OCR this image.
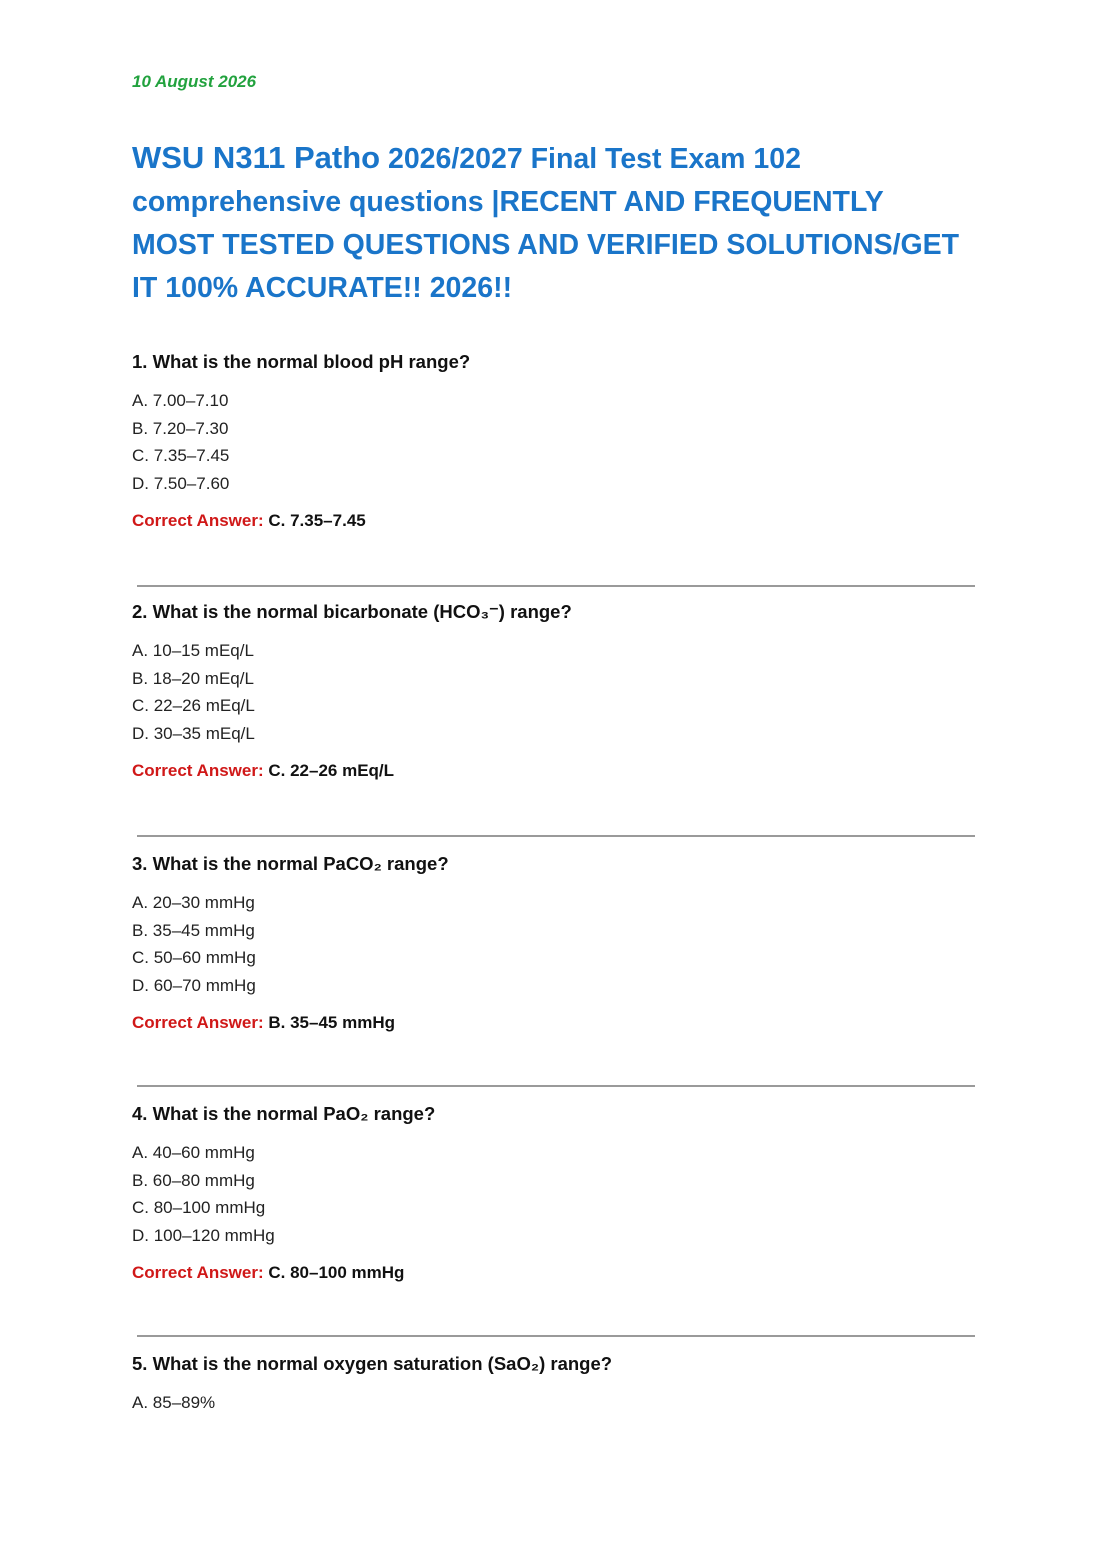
10 August 2026
WSU N311 Patho 2026/2027 Final Test Exam 102 comprehensive questions |RECENT AND FREQUENTLY MOST TESTED QUESTIONS AND VERIFIED SOLUTIONS/GET IT 100% ACCURATE!! 2026!!
1. What is the normal blood pH range?
A. 7.00–7.10
B. 7.20–7.30
C. 7.35–7.45
D. 7.50–7.60
Correct Answer: C. 7.35–7.45
2. What is the normal bicarbonate (HCO₃⁻) range?
A. 10–15 mEq/L
B. 18–20 mEq/L
C. 22–26 mEq/L
D. 30–35 mEq/L
Correct Answer: C. 22–26 mEq/L
3. What is the normal PaCO₂ range?
A. 20–30 mmHg
B. 35–45 mmHg
C. 50–60 mmHg
D. 60–70 mmHg
Correct Answer: B. 35–45 mmHg
4. What is the normal PaO₂ range?
A. 40–60 mmHg
B. 60–80 mmHg
C. 80–100 mmHg
D. 100–120 mmHg
Correct Answer: C. 80–100 mmHg
5. What is the normal oxygen saturation (SaO₂) range?
A. 85–89%
